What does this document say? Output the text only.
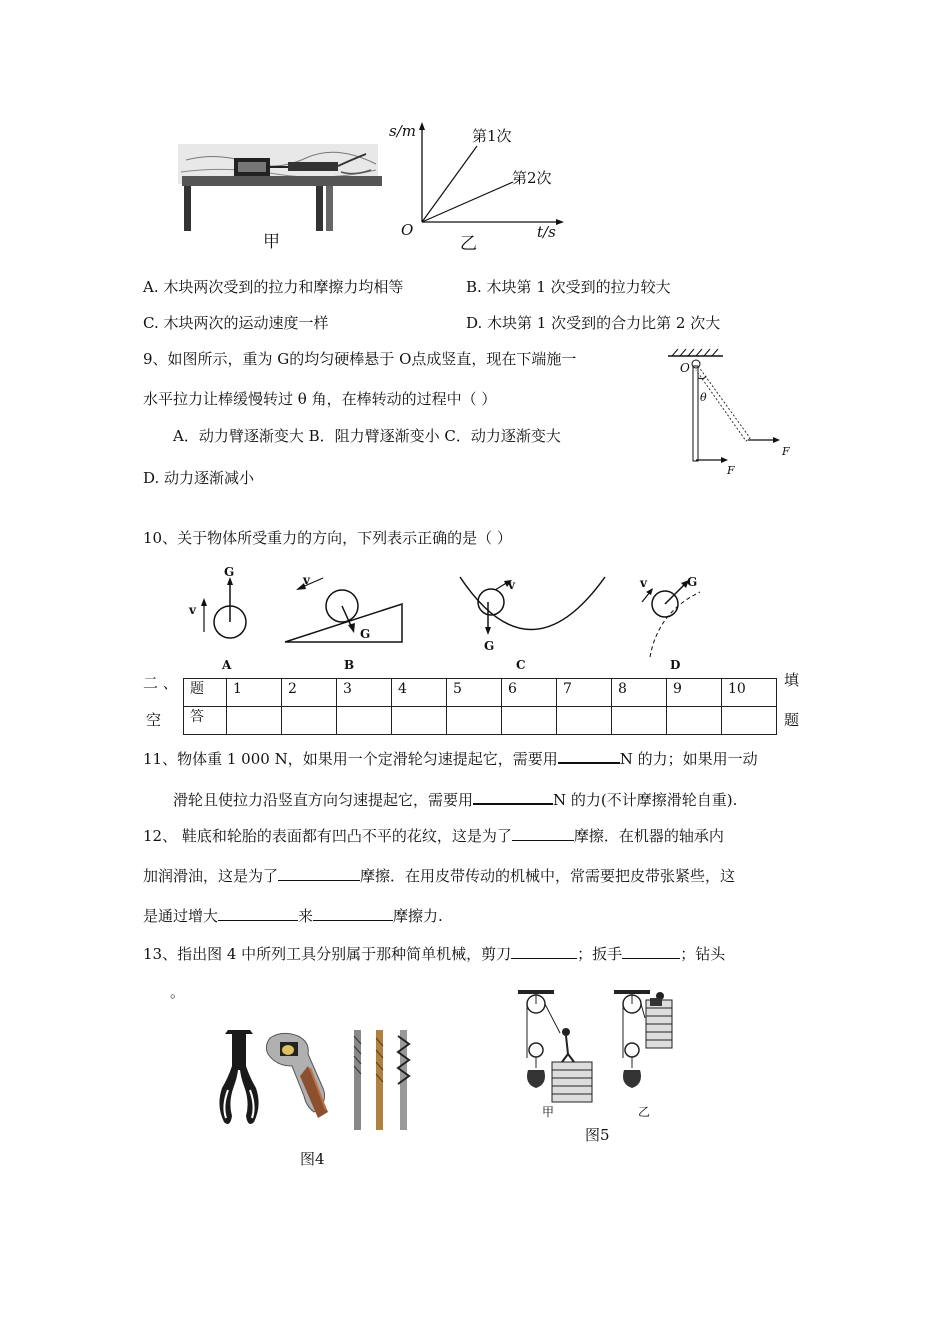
甲
s/m	第1次
第2次
O	t/s
乙
A. 木块两次受到的拉力和摩擦力均相等	B. 木块第 1 次受到的拉力较大
C. 木块两次的运动速度一样	D. 木块第 1 次受到的合力比第 2 次大
9、如图所示，重为 G的均匀硬棒悬于 O点成竖直，现在下端施一
水平拉力让棒缓慢转过 θ 角，在棒转动的过程中（ ）
A．动力臂逐渐变大 B．阻力臂逐渐变小 C．动力逐渐变大
D. 动力逐渐减小
O
θ
F
F
10、关于物体所受重力的方向，下列表示正确的是（ ）
G
v
v
G
v
G
v	G
A	B	C	D
二 、
空
填
题
题	1	2	3	4	5	6	7	8	9	10
答										
11、物体重 1 000 N，如果用一个定滑轮匀速提起它，需要用	N 的力；如果用一动
滑轮且使拉力沿竖直方向匀速提起它，需要用	N 的力(不计摩擦滑轮自重).
12、 鞋底和轮胎的表面都有凹凸不平的花纹，这是为了	摩擦．在机器的轴承内
加润滑油，这是为了	摩擦．在用皮带传动的机械中，常需要把皮带张紧些，这
是通过增大	来	摩擦力.
13、指出图 4 中所列工具分别属于那种简单机械，剪刀	；扳手	；钻头
。
图4
甲	乙
图5
